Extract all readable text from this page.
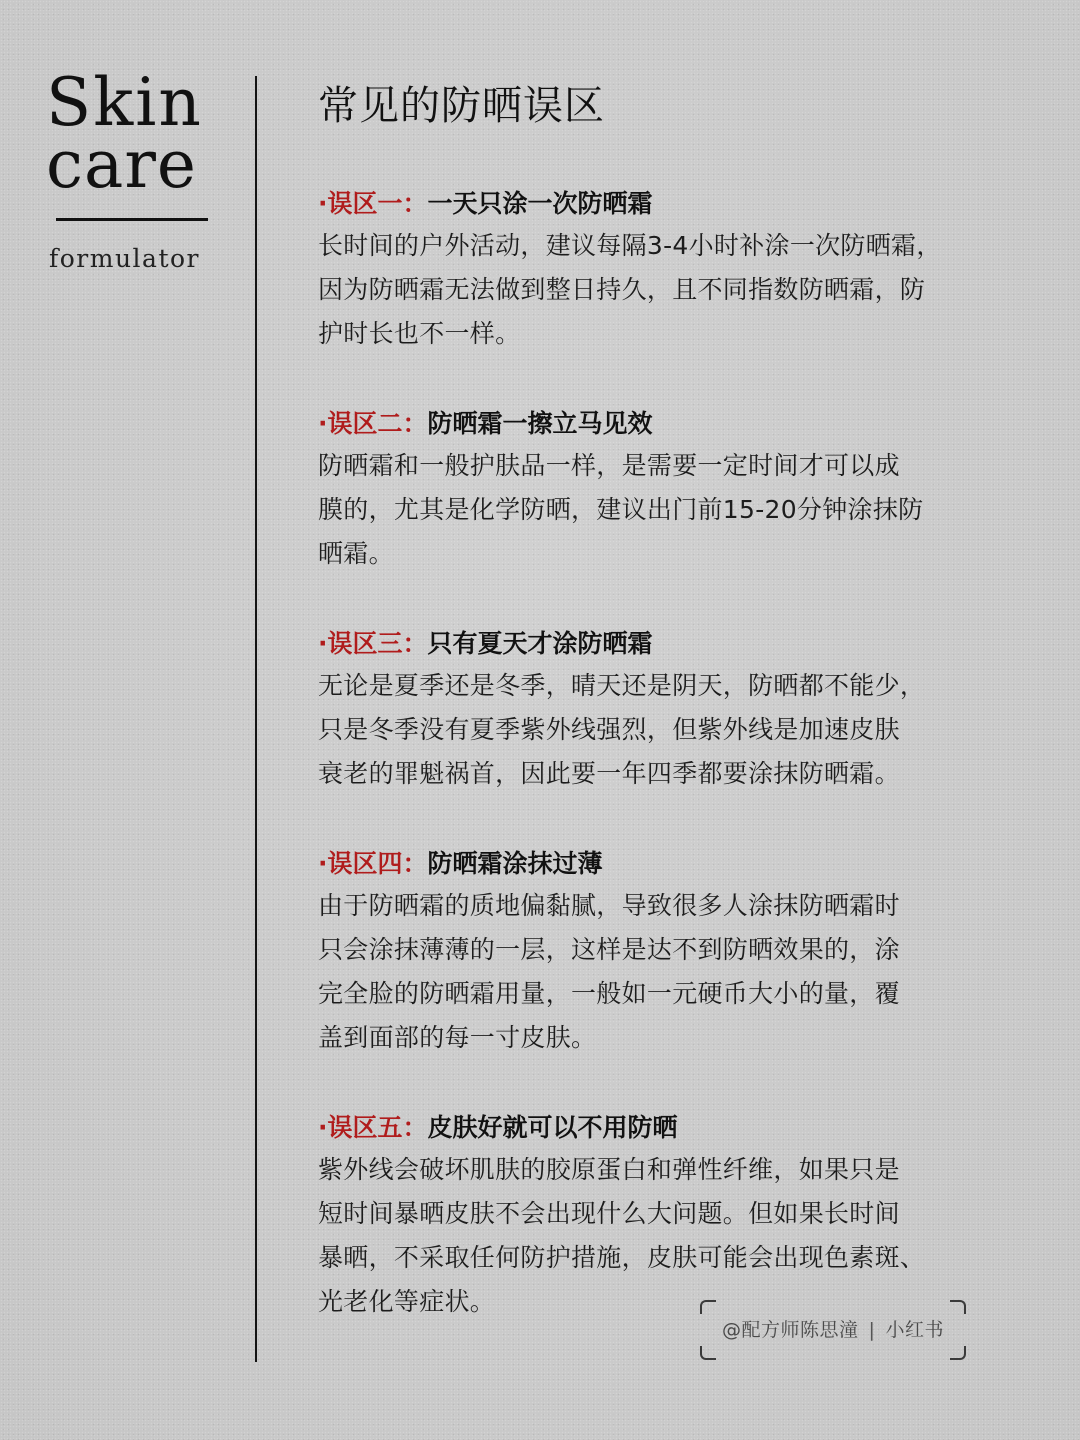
Skin
care
formulator
常见的防晒误区
·误区一：一天只涂一次防晒霜
长时间的户外活动，建议每隔3-4小时补涂一次防晒霜，
因为防晒霜无法做到整日持久，且不同指数防晒霜，防
护时长也不一样。
·误区二：防晒霜一擦立马见效
防晒霜和一般护肤品一样，是需要一定时间才可以成
膜的，尤其是化学防晒，建议出门前15-20分钟涂抹防
晒霜。
·误区三：只有夏天才涂防晒霜
无论是夏季还是冬季，晴天还是阴天，防晒都不能少，
只是冬季没有夏季紫外线强烈，但紫外线是加速皮肤
衰老的罪魁祸首，因此要一年四季都要涂抹防晒霜。
·误区四：防晒霜涂抹过薄
由于防晒霜的质地偏黏腻，导致很多人涂抹防晒霜时
只会涂抹薄薄的一层，这样是达不到防晒效果的，涂
完全脸的防晒霜用量，一般如一元硬币大小的量，覆
盖到面部的每一寸皮肤。
·误区五：皮肤好就可以不用防晒
紫外线会破坏肌肤的胶原蛋白和弹性纤维，如果只是
短时间暴晒皮肤不会出现什么大问题。但如果长时间
暴晒，不采取任何防护措施，皮肤可能会出现色素斑、
光老化等症状。
@配方师陈思潼 | 小红书
